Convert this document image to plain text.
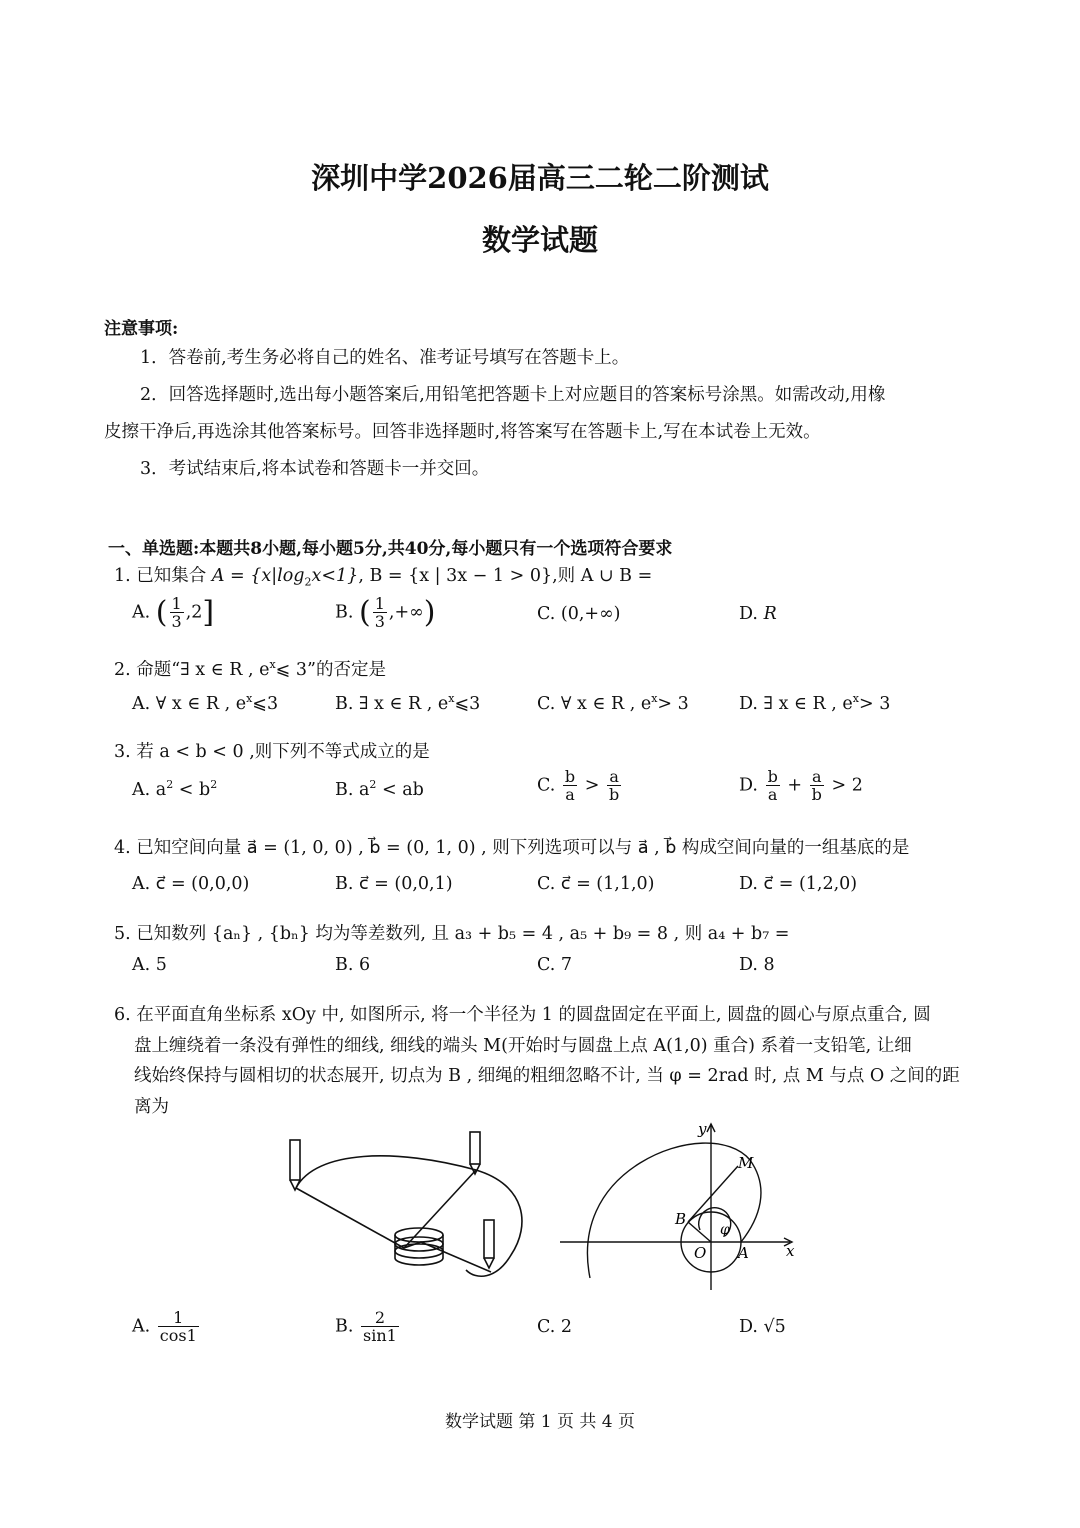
深圳中学2026届高三二轮二阶测试
数学试题
注意事项:
1．答卷前,考生务必将自己的姓名、准考证号填写在答题卡上。
2．回答选择题时,选出每小题答案后,用铅笔把答题卡上对应题目的答案标号涂黑。如需改动,用橡
皮擦干净后,再选涂其他答案标号。回答非选择题时,将答案写在答题卡上,写在本试卷上无效。
3．考试结束后,将本试卷和答题卡一并交回。
一、单选题:本题共8小题,每小题5分,共40分,每小题只有一个选项符合要求
1. 已知集合 $A = \{x|\log_2x<1\}$, B = {x | 3x − 1 > 0},则 A ∪ B =
A. ( $\frac{1}{3} ,2$]	B. ( $\frac{1}{3}$ ,+∞)	C. (0,+∞)	D. R
2. 命题“∃ x ∈ R , $e^x⩽$ 3”的否定是
A. ∀ x ∈ R , $e^x⩽3$	B. ∃ x ∈ R , $e^x⩽3$	C. ∀ x ∈ R , $e^x> 3$	D. ∃ x ∈ R , $e^x> 3$
3. 若 a < b < 0 ,则下列不等式成立的是
A. $a^2 < b^2$	B. $a^2$ < ab	C. $\frac{b}{a} > \frac{a}{b}$	D. $\frac{b}{a} + \frac{a}{b} > 2$
4. 已知空间向量 a⃗ = (1, 0, 0) , b⃗ = (0, 1, 0) , 则下列选项可以与 a⃗ , b⃗ 构成空间向量的一组基底的是
A. c⃗ = (0,0,0)	B. c⃗ = (0,0,1)	C. c⃗ = (1,1,0)	D. c⃗ = (1,2,0)
5. 已知数列 {aₙ} , {bₙ} 均为等差数列, 且 a₃ + b₅ = 4 , a₅ + b₉ = 8 , 则 a₄ + b₇ =
A. 5	B. 6	C. 7	D. 8
6. 在平面直角坐标系 xOy 中, 如图所示, 将一个半径为 1 的圆盘固定在平面上, 圆盘的圆心与原点重合, 圆
盘上缠绕着一条没有弹性的细线, 细线的端头 M(开始时与圆盘上点 A(1,0) 重合) 系着一支铅笔, 让细
线始终保持与圆相切的状态展开, 切点为 B , 细绳的粗细忽略不计, 当 φ = 2rad 时, 点 M 与点 O 之间的距
离为
y
x
M
B
O A
φ
A. $\frac{1}{\cos 1}$	B. $\frac{2}{\sin 1}$	C. 2	D. √5
数学试题 第 1 页 共 4 页
